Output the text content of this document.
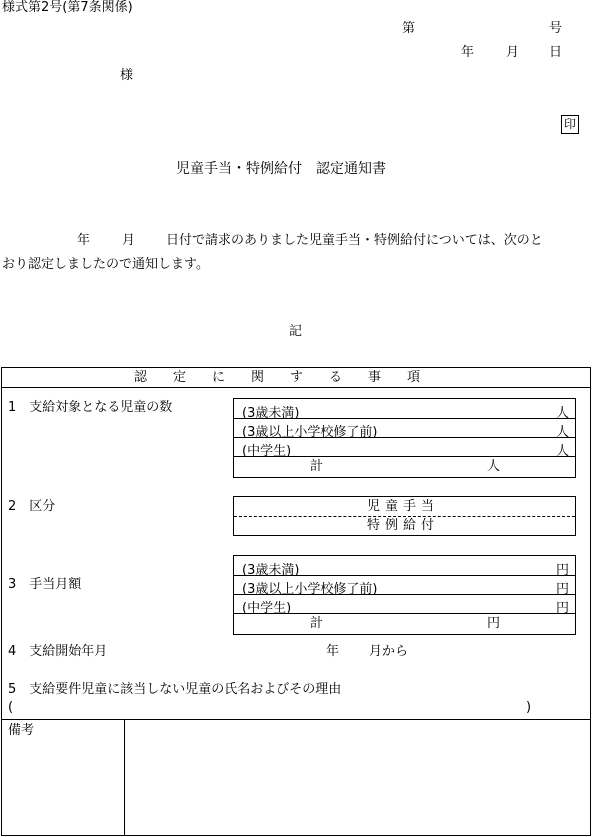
様式第2号(第7条関係)
第	号
年 月 日
様
印
児童手当・特例給付　認定通知書
年 月 日付で請求のありました児童手当・特例給付については、次のと
おり認定しましたので通知します。
記
認　　定　　に　　関　　す　　る　　事　　項
1　支給対象となる児童の数	(3歳未満)	人
(3歳以上小学校修了前)	人
(中学生)	人
計	人
2　区分	児童手当
特例給付
3　手当月額
(3歳未満)	円
(3歳以上小学校修了前)	円
(中学生)	円
計	円
4　支給開始年月	年 月から
5　支給要件児童に該当しない児童の氏名およびその理由
(	)
備考
